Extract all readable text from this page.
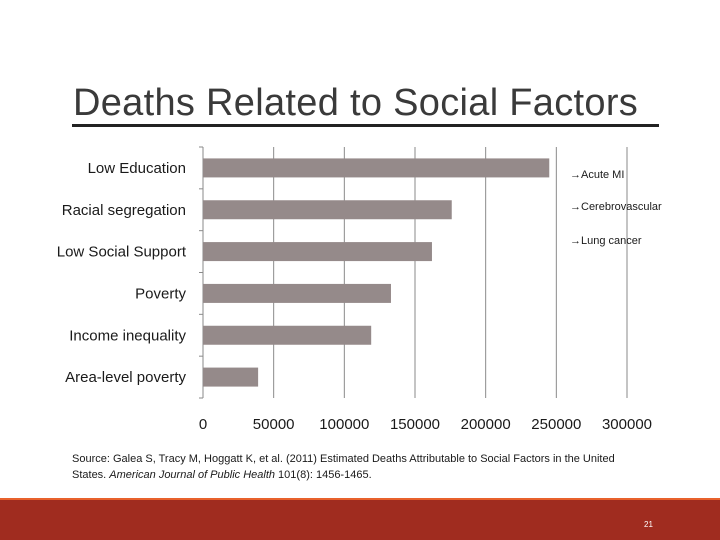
Deaths Related to Social Factors
Low Education
Racial segregation
Low Social Support
Poverty
Income inequality
Area-level poverty
0	50000 100000 150000 200000 250000 300000
→Acute MI
→Cerebrovascular
→Lung cancer
Source: Galea S, Tracy M, Hoggatt K, et al. (2011) Estimated Deaths Attributable to Social Factors in the United States. American Journal of Public Health 101(8): 1456-1465.
21
